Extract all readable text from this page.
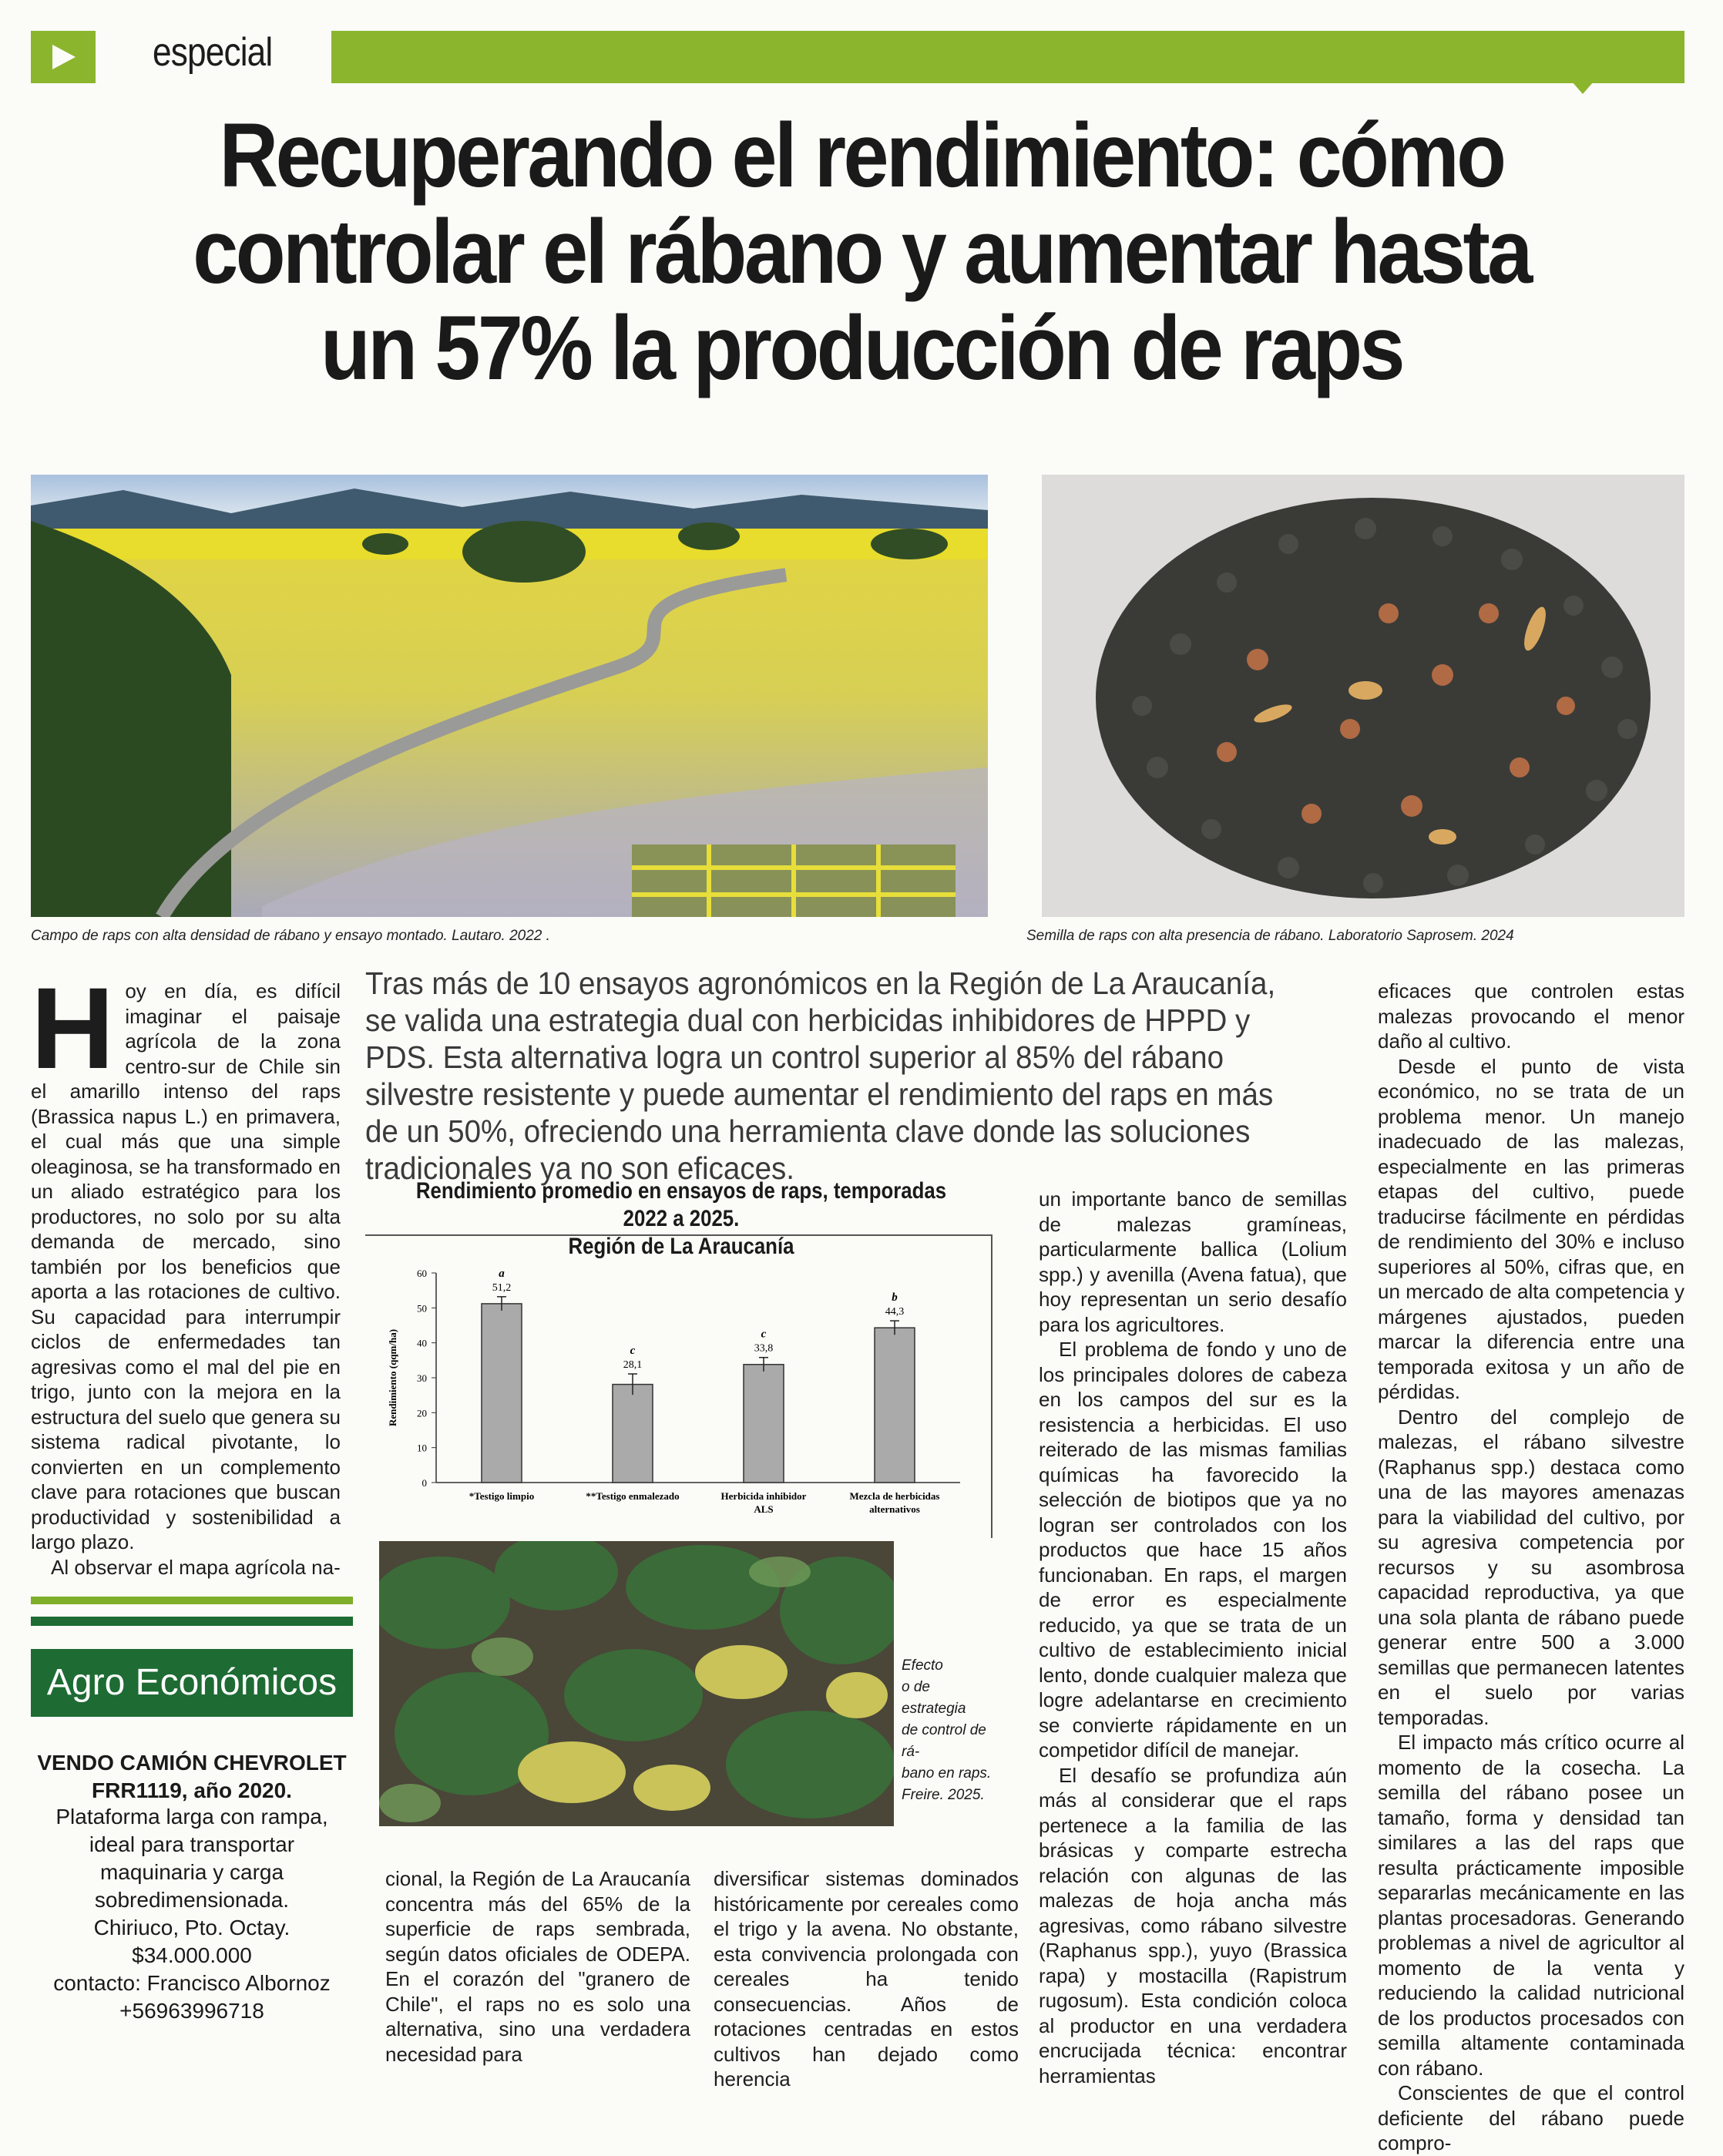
especial
Recuperando el rendimiento: cómo
controlar el rábano y aumentar hasta
un 57% la producción de raps
Campo de raps con alta densidad de rábano y ensayo montado. Lautaro. 2022 .	Semilla de raps con alta presencia de rábano. Laboratorio Saprosem. 2024
Tras más de 10 ensayos agronómicos en la Región de La Araucanía, se valida una estrategia dual con herbicidas inhibidores de HPPD y PDS. Esta alternativa logra un control superior al 85% del rábano silvestre resistente y puede aumentar el rendimiento del raps en más de un 50%, ofreciendo una herramienta clave donde las soluciones tradicionales ya no son eficaces.

Hoy en día, es difícil imaginar el paisaje agrícola de la zona centro-sur de Chile sin el amarillo intenso del raps (Brassica napus L.) en primavera, el cual más que una simple oleaginosa, se ha transformado en un aliado estratégico para los productores, no solo por su alta demanda de mercado, sino también por los beneficios que aporta a las rotaciones de cultivo. Su capacidad para interrumpir ciclos de enfermedades tan agresivas como el mal del pie en trigo, junto con la mejora en la estructura del suelo que genera su sistema radical pivotante, lo convierten en un complemento clave para rotaciones que buscan productividad y sostenibilidad a largo plazo.

Al observar el mapa agrícola na-

Rendimiento promedio en ensayos de raps, temporadas 2022 a 2025.
Región de La Araucanía
0
10
20
30
40
50
60
Rendimiento (qqm/ha)
51,2
a
*Testigo limpio
28,1
c
**Testigo enmalezado
33,8
c
Herbicida inhibidor
ALS
44,3
b
Mezcla de herbicidas
alternativos
Efecto
o de estrategia
de control de rá-
bano en raps.
Freire. 2025.
Agro Económicos
VENDO CAMIÓN CHEVROLET
FRR1119, año 2020.
Plataforma larga con rampa,
ideal para transportar
maquinaria y carga
sobredimensionada.
Chiriuco, Pto. Octay.
$34.000.000
contacto: Francisco Albornoz
+56963996718

cional, la Región de La Araucanía concentra más del 65% de la superficie de raps sembrada, según datos oficiales de ODEPA. En el corazón del "granero de Chile", el raps no es solo una alternativa, sino una verdadera necesidad para

diversificar sistemas dominados históricamente por cereales como el trigo y la avena. No obstante, esta convivencia prolongada con cereales ha tenido consecuencias. Años de rotaciones centradas en estos cultivos han dejado como herencia

un importante banco de semillas de malezas gramíneas, particularmente ballica (Lolium spp.) y avenilla (Avena fatua), que hoy representan un serio desafío para los agricultores.

El problema de fondo y uno de los principales dolores de cabeza en los campos del sur es la resistencia a herbicidas. El uso reiterado de las mismas familias químicas ha favorecido la selección de biotipos que ya no logran ser controlados con los productos que hace 15 años funcionaban. En raps, el margen de error es especialmente reducido, ya que se trata de un cultivo de establecimiento inicial lento, donde cualquier maleza que logre adelantarse en crecimiento se convierte rápidamente en un competidor difícil de manejar.

El desafío se profundiza aún más al considerar que el raps pertenece a la familia de las brásicas y comparte estrecha relación con algunas de las malezas de hoja ancha más agresivas, como rábano silvestre (Raphanus spp.), yuyo (Brassica rapa) y mostacilla (Rapistrum rugosum). Esta condición coloca al productor en una verdadera encrucijada técnica: encontrar herramientas

eficaces que controlen estas malezas provocando el menor daño al cultivo.

Desde el punto de vista económico, no se trata de un problema menor. Un manejo inadecuado de las malezas, especialmente en las primeras etapas del cultivo, puede traducirse fácilmente en pérdidas de rendimiento del 30% e incluso superiores al 50%, cifras que, en un mercado de alta competencia y márgenes ajustados, pueden marcar la diferencia entre una temporada exitosa y un año de pérdidas.

Dentro del complejo de malezas, el rábano silvestre (Raphanus spp.) destaca como una de las mayores amenazas para la viabilidad del cultivo, por su agresiva competencia por recursos y su asombrosa capacidad reproductiva, ya que una sola planta de rábano puede generar entre 500 a 3.000 semillas que permanecen latentes en el suelo por varias temporadas.

El impacto más crítico ocurre al momento de la cosecha. La semilla del rábano posee un tamaño, forma y densidad tan similares a las del raps que resulta prácticamente imposible separarlas mecánicamente en las plantas procesadoras. Generando problemas a nivel de agricultor al momento de la venta y reduciendo la calidad nutricional de los productos procesados con semilla altamente contaminada con rábano.

Conscientes de que el control deficiente del rábano puede compro-
